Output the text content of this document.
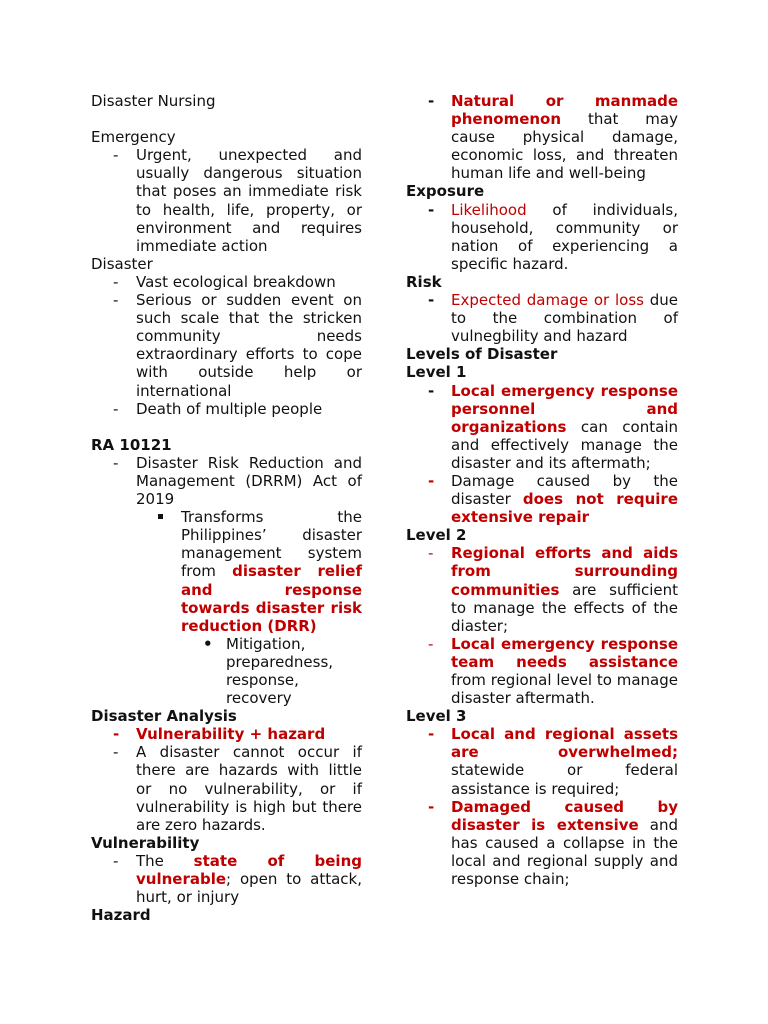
Disaster Nursing

Emergency

- Urgent, unexpected and usually dangerous situation that poses an immediate risk to health, life, property, or environment and requires immediate action

Disaster

- Vast ecological breakdown
- Serious or sudden event on such scale that the stricken community needs extraordinary efforts to cope with outside help or international
- Death of multiple people

RA 10121

- Disaster Risk Reduction and Management (DRRM) Act of 2019
Transforms the Philippines’ disaster management system from disaster relief and response towards disaster risk reduction (DRR)
• Mitigation, preparedness, response, recovery

Disaster Analysis

- Vulnerability + hazard
- A disaster cannot occur if there are hazards with little or no vulnerability, or if vulnerability is high but there are zero hazards.

Vulnerability

- The state of being vulnerable; open to attack, hurt, or injury

Hazard

- Natural or manmade phenomenon that may cause physical damage, economic loss, and threaten human life and well-being

Exposure

- Likelihood of individuals, household, community or nation of experiencing a specific hazard.

Risk

- Expected damage or loss due to the combination of vulnegbility and hazard

Levels of Disaster

Level 1

- Local emergency response personnel and organizations can contain and effectively manage the disaster and its aftermath;
- Damage caused by the disaster does not require extensive repair

Level 2

- Regional efforts and aids from surrounding communities are sufficient to manage the effects of the diaster;
- Local emergency response team needs assistance from regional level to manage disaster aftermath.

Level 3

- Local and regional assets are overwhelmed; statewide or federal assistance is required;
- Damaged caused by disaster is extensive and has caused a collapse in the local and regional supply and response chain;
